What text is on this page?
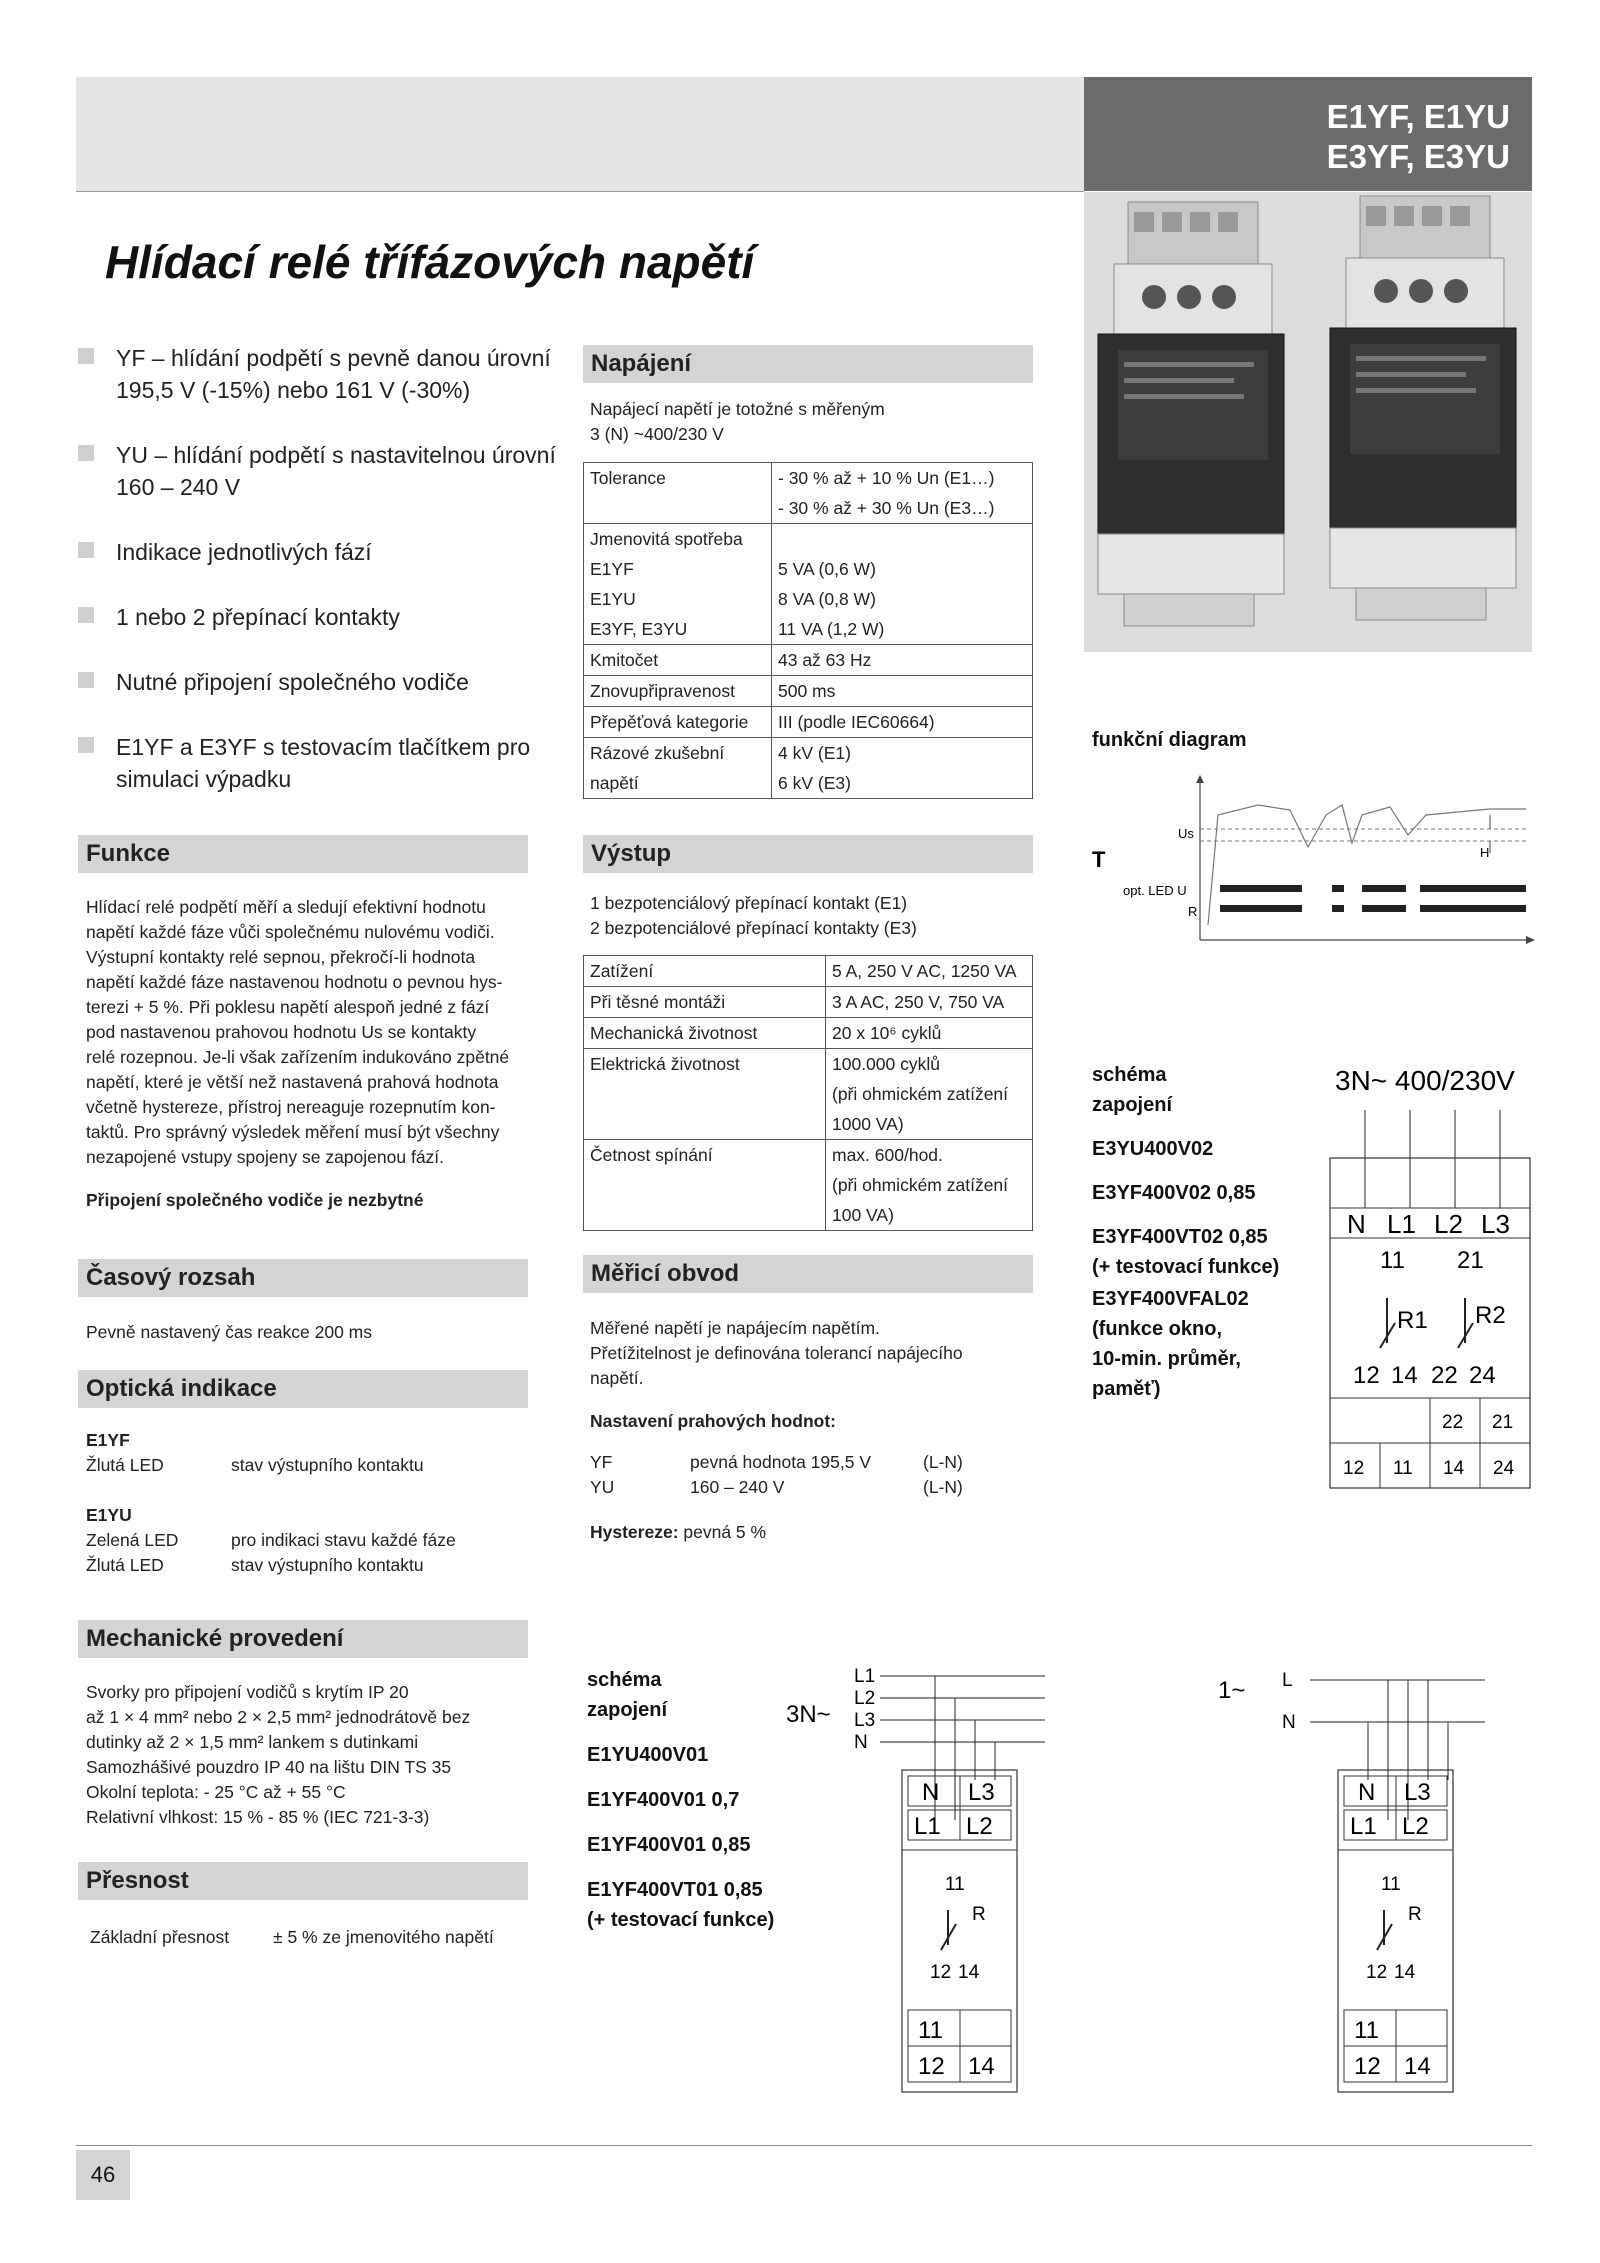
E1YF, E1YU
E3YF, E3YU
Hlídací relé třífázových napětí
YF – hlídání podpětí s pevně danou úrovní 195,5 V (-15%) nebo 161 V (-30%)
YU – hlídání podpětí s nastavitelnou úrovní 160 – 240 V
Indikace jednotlivých fází
1 nebo 2 přepínací kontakty
Nutné připojení společného vodiče
E1YF a E3YF s testovacím tlačítkem pro simulaci výpadku
Funkce
Hlídací relé podpětí měří a sledují efektivní hodnotu
napětí každé fáze vůči společnému nulovému vodiči.
Výstupní kontakty relé sepnou, překročí-li hodnota
napětí každé fáze nastavenou hodnotu o pevnou hys-
terezi + 5 %. Při poklesu napětí alespoň jedné z fází
pod nastavenou prahovou hodnotu Us se kontakty
relé rozepnou. Je-li však zařízením indukováno zpětné
napětí, které je větší než nastavená prahová hodnota
včetně hystereze, přístroj nereaguje rozepnutím kon-
taktů. Pro správný výsledek měření musí být všechny
nezapojené vstupy spojeny se zapojenou fází.
Připojení společného vodiče je nezbytné
Časový rozsah
Pevně nastavený čas reakce 200 ms
Optická indikace
E1YF
Žlutá LED	stav výstupního kontaktu
E1YU
Zelená LED	pro indikaci stavu každé fáze
Žlutá LED	stav výstupního kontaktu
Mechanické provedení
Svorky pro připojení vodičů s krytím IP 20
až 1 × 4 mm² nebo 2 × 2,5 mm² jednodrátově bez
dutinky až 2 × 1,5 mm² lankem s dutinkami
Samozhášivé pouzdro IP 40 na lištu DIN TS 35
Okolní teplota: - 25 °C až + 55 °C
Relativní vlhkost: 15 % - 85 % (IEC 721-3-3)
Přesnost
Základní přesnost	± 5 % ze jmenovitého napětí
Napájení
Napájecí napětí je totožné s měřeným
3 (N) ~400/230 V
Tolerance	- 30 % až + 10 % Un (E1…)
	- 30 % až + 30 % Un (E3…)
Jmenovitá spotřeba	
E1YF	5 VA (0,6 W)
E1YU	8 VA (0,8 W)
E3YF, E3YU	11 VA (1,2 W)
Kmitočet	43 až 63 Hz
Znovupřipravenost	500 ms
Přepěťová kategorie	III (podle IEC60664)
Rázové zkušební	4 kV (E1)
napětí	6 kV (E3)
Výstup
1 bezpotenciálový přepínací kontakt (E1)
2 bezpotenciálové přepínací kontakty (E3)
Zatížení	5 A, 250 V AC, 1250 VA
Při těsné montáži	3 A AC, 250 V, 750 VA
Mechanická životnost	20 x 10⁶ cyklů
Elektrická životnost	100.000 cyklů
	(při ohmickém zatížení
	1000 VA)
Četnost spínání	max. 600/hod.
	(při ohmickém zatížení
	100 VA)
Měřicí obvod
Měřené napětí je napájecím napětím.
Přetížitelnost je definována tolerancí napájecího
napětí.
Nastavení prahových hodnot:
YF	pevná hodnota 195,5 V	(L-N)
YU	160 – 240 V	(L-N)
Hystereze: pevná 5 %
funkční diagram
T
Us
H
opt. LED U
R
schéma
zapojení
E3YU400V02
E3YF400V02 0,85
E3YF400VT02 0,85
(+ testovací funkce)
E3YF400VFAL02
(funkce okno,
10-min. průměr,
paměť)
3N~ 400/230V
N L1 L2 L3
11 21
R1 R2
12 14 22 24
22 21
12 11 14 24
schéma
zapojení
E1YU400V01
E1YF400V01 0,7
E1YF400V01 0,85
E1YF400VT01 0,85
(+ testovací funkce)
3N~
L1
L2
L3
N
N L3
L1 L2
11
R
12 14
11
12 14
1~ L
N
N L3
L1 L2
11
R
12 14
11
12 14
46
